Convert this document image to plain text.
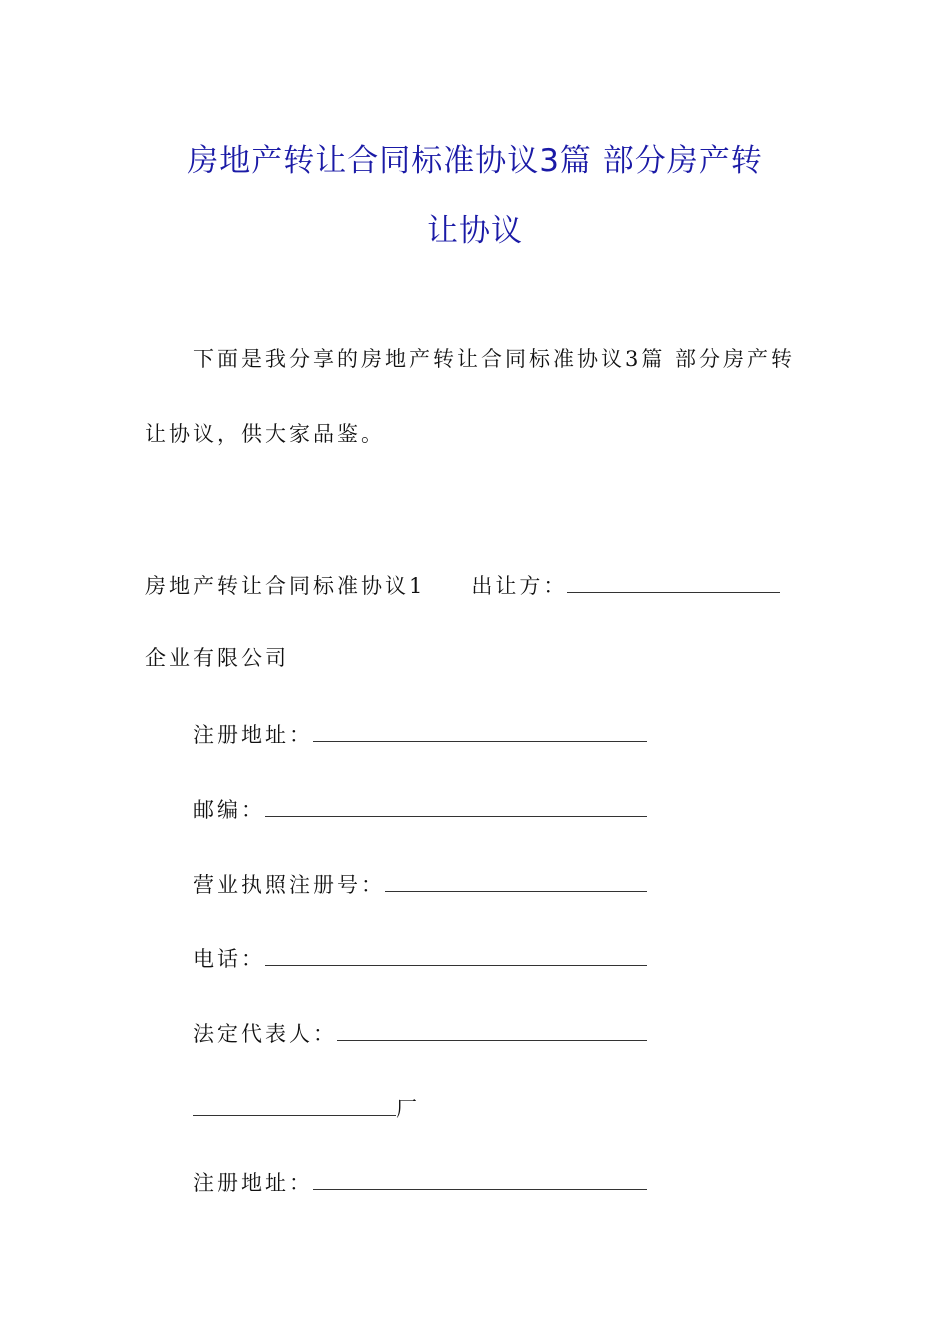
房地产转让合同标准协议3篇 部分房产转
让协议
下面是我分享的房地产转让合同标准协议3篇 部分房产转
让协议，供大家品鉴。
房地产转让合同标准协议1 出让方：
企业有限公司
注册地址：
邮编：
营业执照注册号：
电话：
法定代表人：
厂
注册地址：
